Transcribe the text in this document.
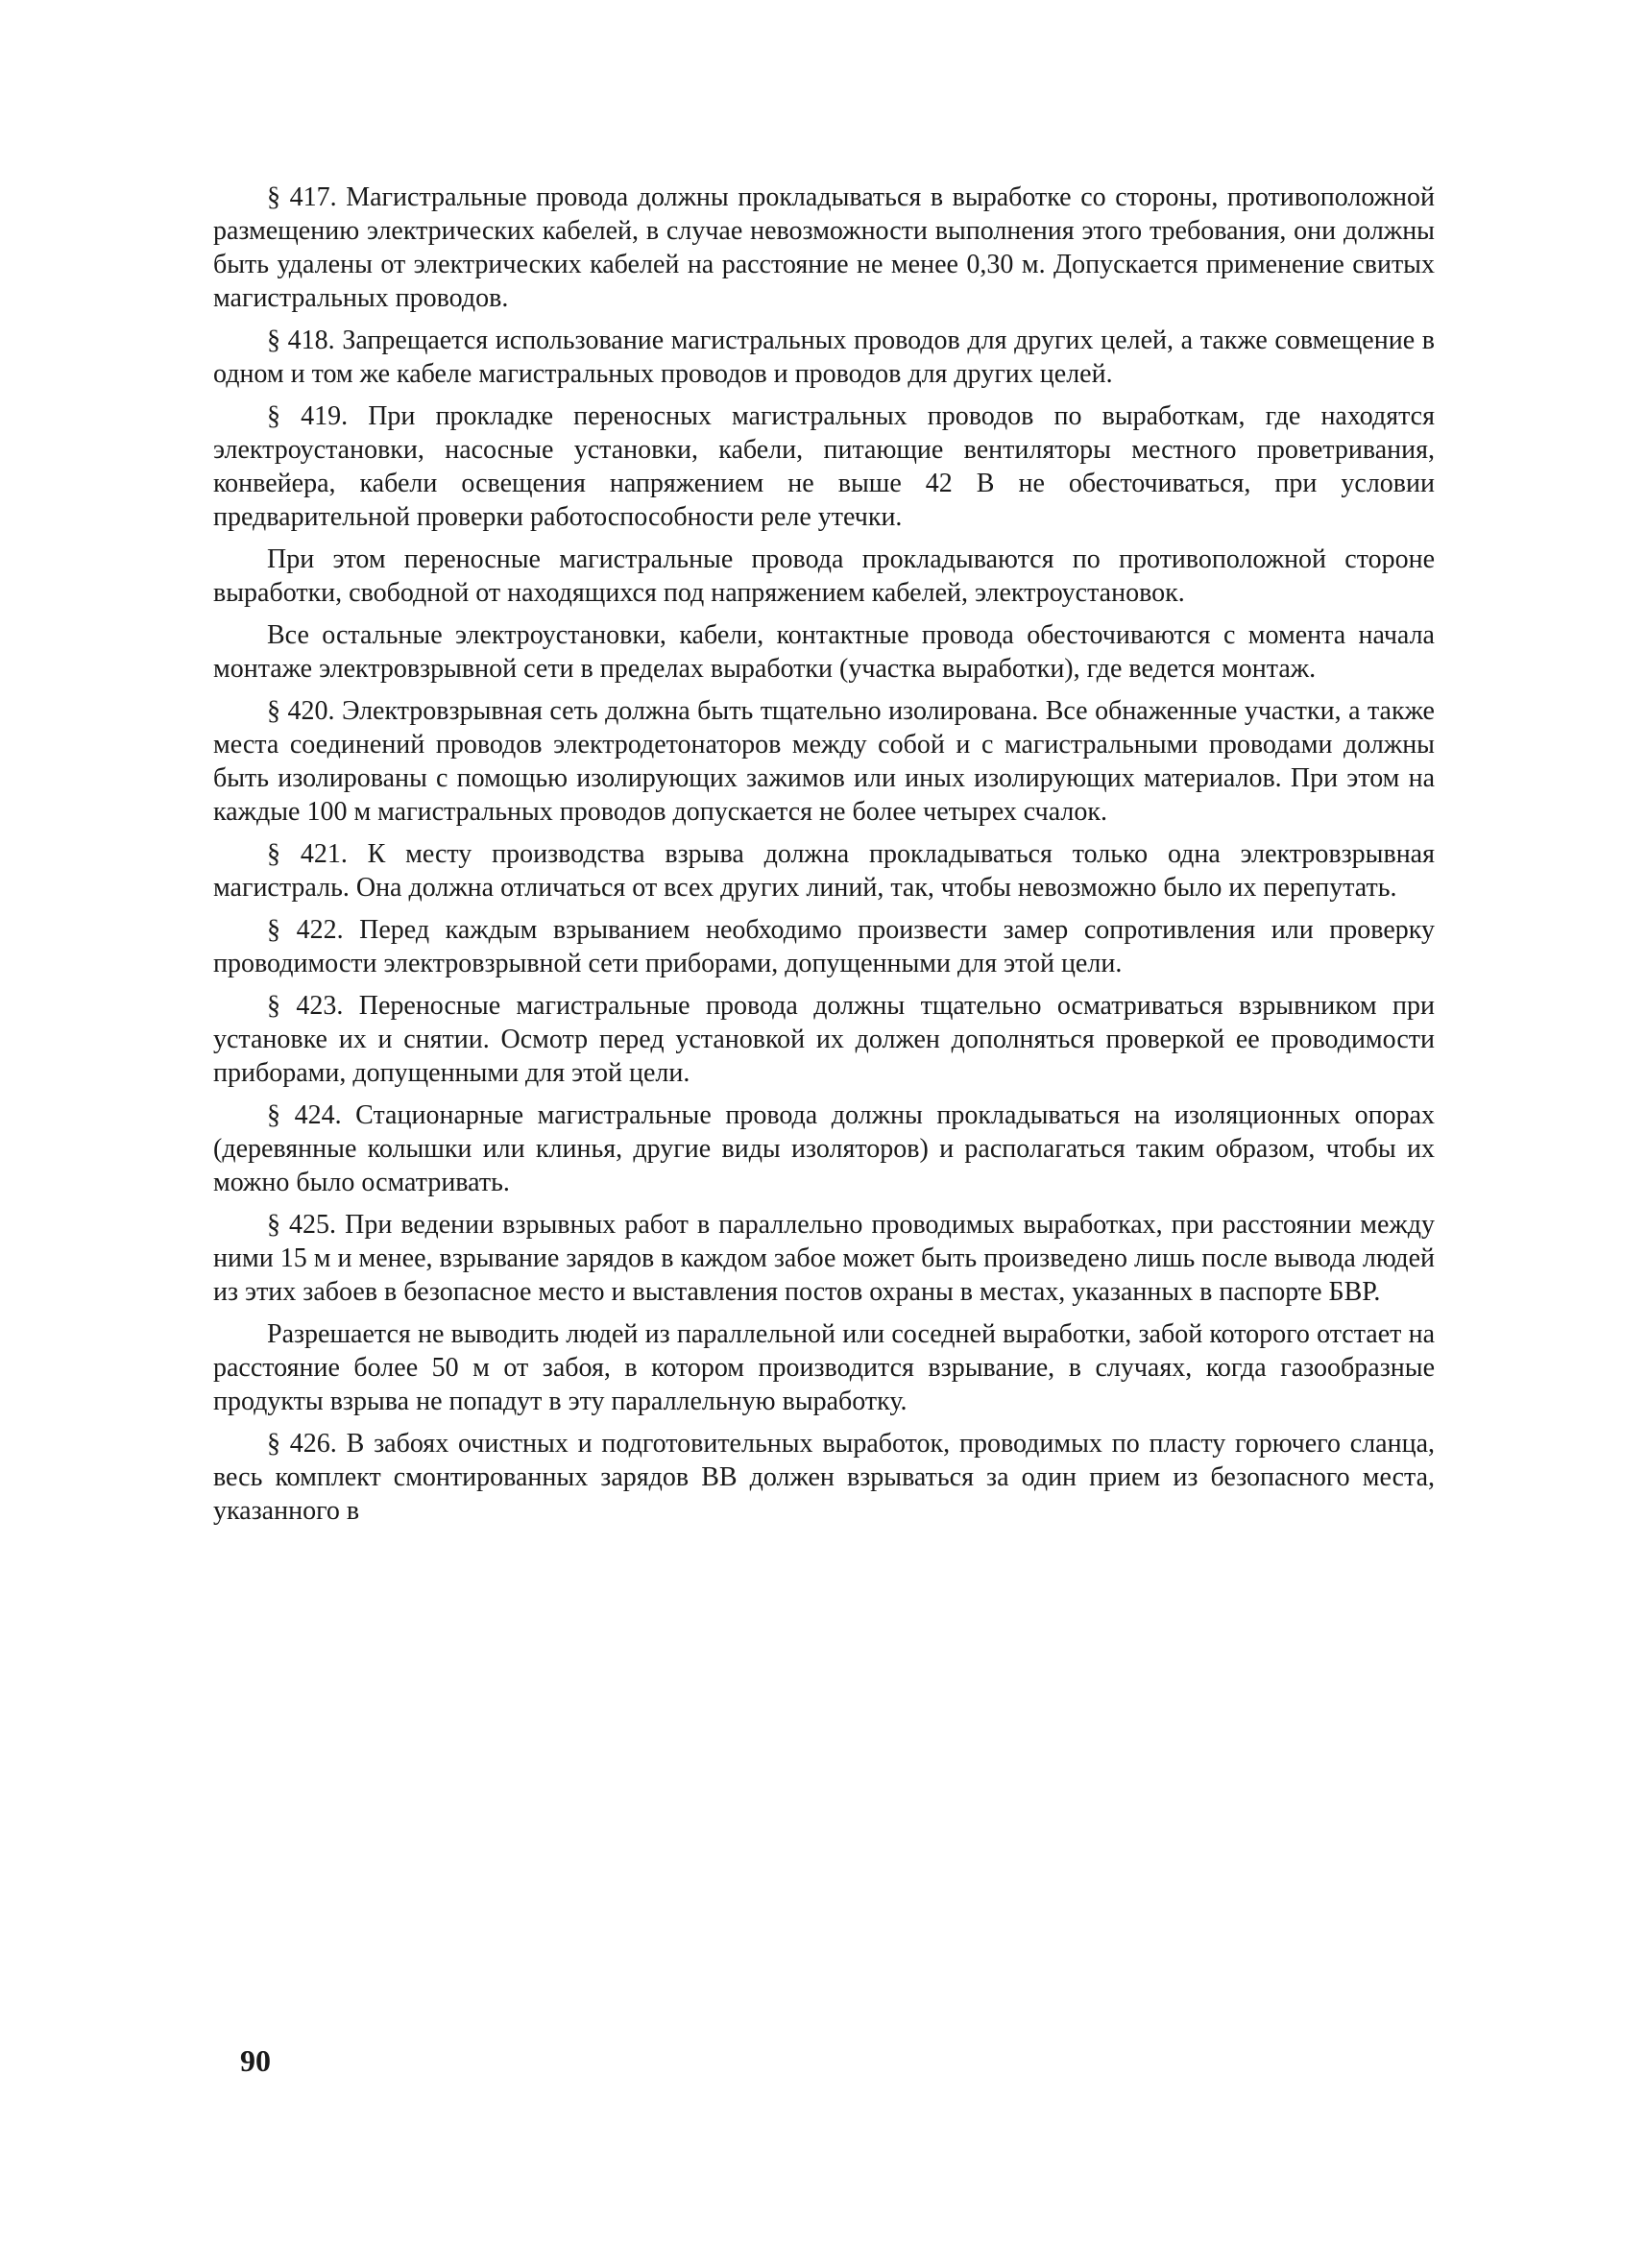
§ 417. Магистральные провода должны прокладываться в выработке со стороны, противоположной размещению электрических кабелей, в случае невозможности выполнения этого требования, они должны быть удалены от электрических кабелей на расстояние не менее 0,30 м. Допускается применение свитых магистральных проводов.

§ 418. Запрещается использование магистральных проводов для других целей, а также совмещение в одном и том же кабеле магистральных проводов и проводов для других целей.

§ 419. При прокладке переносных магистральных проводов по выработкам, где находятся электроустановки, насосные установки, кабели, питающие вентиляторы местного проветривания, конвейера, кабели освещения напряжением не выше 42 В не обесточиваться, при условии предварительной проверки работоспособности реле утечки.

При этом переносные магистральные провода прокладываются по противоположной стороне выработки, свободной от находящихся под напряжением кабелей, электроустановок.

Все остальные электроустановки, кабели, контактные провода обесточиваются с момента начала монтаже электровзрывной сети в пределах выработки (участка выработки), где ведется монтаж.

§ 420. Электровзрывная сеть должна быть тщательно изолирована. Все обнаженные участки, а также места соединений проводов электродетонаторов между собой и с магистральными проводами должны быть изолированы с помощью изолирующих зажимов или иных изолирующих материалов. При этом на каждые 100 м магистральных проводов допускается не более четырех счалок.

§ 421. К месту производства взрыва должна прокладываться только одна электровзрывная магистраль. Она должна отличаться от всех других линий, так, чтобы невозможно было их перепутать.

§ 422. Перед каждым взрыванием необходимо произвести замер сопротивления или проверку проводимости электровзрывной сети приборами, допущенными для этой цели.

§ 423. Переносные магистральные провода должны тщательно осматриваться взрывником при установке их и снятии. Осмотр перед установкой их должен дополняться проверкой ее проводимости приборами, допущенными для этой цели.

§ 424. Стационарные магистральные провода должны прокладываться на изоляционных опорах (деревянные колышки или клинья, другие виды изоляторов) и располагаться таким образом, чтобы их можно было осматривать.

§ 425. При ведении взрывных работ в параллельно проводимых выработках, при расстоянии между ними 15 м и менее, взрывание зарядов в каждом забое может быть произведено лишь после вывода людей из этих забоев в безопасное место и выставления постов охраны в местах, указанных в паспорте БВР.

Разрешается не выводить людей из параллельной или соседней выработки, забой которого отстает на расстояние более 50 м от забоя, в котором производится взрывание, в случаях, когда газообразные продукты взрыва не попадут в эту параллельную выработку.

§ 426. В забоях очистных и подготовительных выработок, проводимых по пласту горючего сланца, весь комплект смонтированных зарядов ВВ должен взрываться за один прием из безопасного места, указанного в

90
